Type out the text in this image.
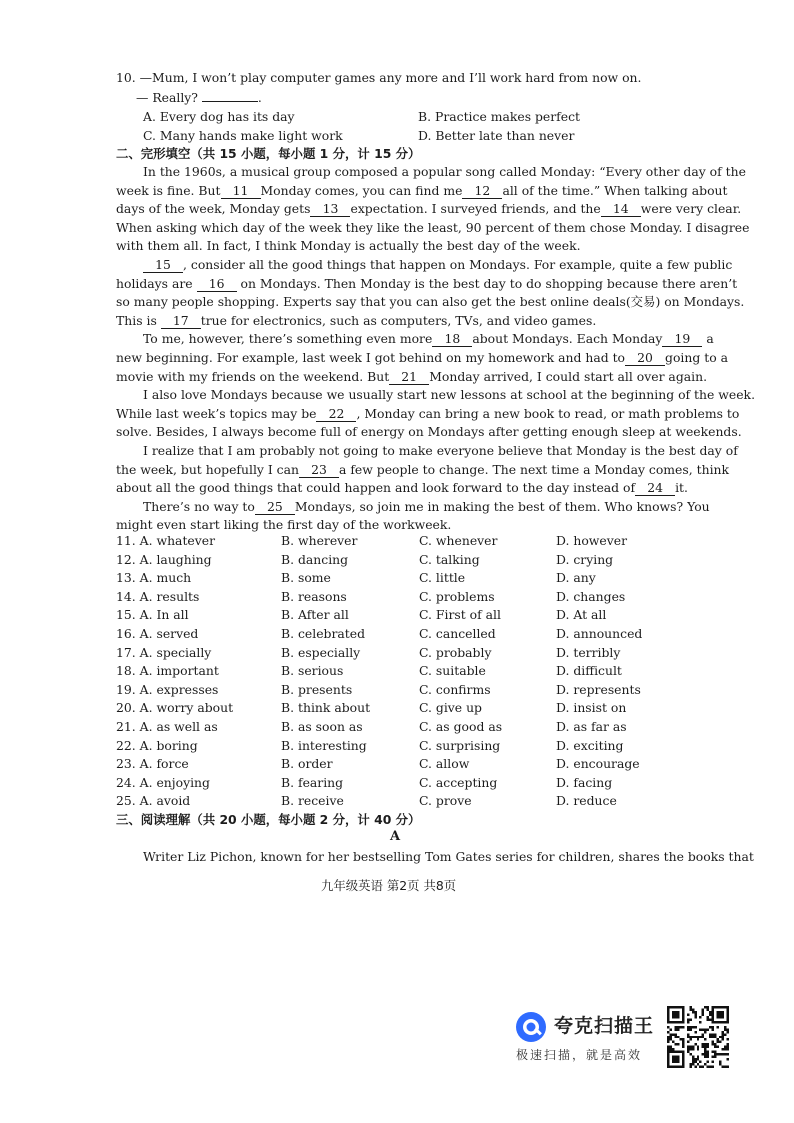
10. —Mum, I won’t play computer games any more and I’ll work hard from now on.
— Really?	.
A. Every dog has its day	B. Practice makes perfect
C. Many hands make light work	D. Better late than never
二、完形填空（共 15 小题，每小题 1 分，计 15 分）
In the 1960s, a musical group composed a popular song called Monday: “Every other day of the
week is fine. But 11 Monday comes, you can find me 12 all of the time.” When talking about
days of the week, Monday gets 13 expectation. I surveyed friends, and the 14 were very clear.
When asking which day of the week they like the least, 90 percent of them chose Monday. I disagree
with them all. In fact, I think Monday is actually the best day of the week.
15 , consider all the good things that happen on Mondays. For example, quite a few public
holidays are 16 on Mondays. Then Monday is the best day to do shopping because there aren’t
so many people shopping. Experts say that you can also get the best online deals(交易) on Mondays.
This is 17 true for electronics, such as computers, TVs, and video games.
To me, however, there’s something even more 18 about Mondays. Each Monday 19 a
new beginning. For example, last week I got behind on my homework and had to 20 going to a
movie with my friends on the weekend. But 21 Monday arrived, I could start all over again.
I also love Mondays because we usually start new lessons at school at the beginning of the week.
While last week’s topics may be 22 , Monday can bring a new book to read, or math problems to
solve. Besides, I always become full of energy on Mondays after getting enough sleep at weekends.
I realize that I am probably not going to make everyone believe that Monday is the best day of
the week, but hopefully I can 23 a few people to change. The next time a Monday comes, think
about all the good things that could happen and look forward to the day instead of 24 it.
There’s no way to 25 Mondays, so join me in making the best of them. Who knows? You
might even start liking the first day of the workweek.
11. A. whatever	B. wherever	C. whenever	D. however
12. A. laughing	B. dancing	C. talking	D. crying
13. A. much	B. some	C. little	D. any
14. A. results	B. reasons	C. problems	D. changes
15. A. In all	B. After all	C. First of all	D. At all
16. A. served	B. celebrated	C. cancelled	D. announced
17. A. specially	B. especially	C. probably	D. terribly
18. A. important	B. serious	C. suitable	D. difficult
19. A. expresses	B. presents	C. confirms	D. represents
20. A. worry about	B. think about	C. give up	D. insist on
21. A. as well as	B. as soon as	C. as good as	D. as far as
22. A. boring	B. interesting	C. surprising	D. exciting
23. A. force	B. order	C. allow	D. encourage
24. A. enjoying	B. fearing	C. accepting	D. facing
25. A. avoid	B. receive	C. prove	D. reduce
三、阅读理解（共 20 小题，每小题 2 分，计 40 分）
A
Writer Liz Pichon, known for her bestselling Tom Gates series for children, shares the books that
九年级英语 第2页 共8页
夸克扫描王
极速扫描，就是高效
